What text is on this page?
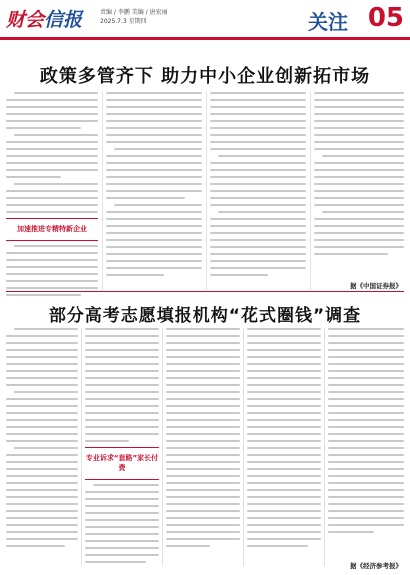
财会信报	责编 / 李鹏 美编 / 唐宏丽
2025.7.3 星期四	关注 05
政策多管齐下 助力中小企业创新拓市场
加速推进专精特新企业
据《中国证券报》
部分高考志愿填报机构“花式圈钱”调查
专业诉求“套路”家长付费
据《经济参考报》
